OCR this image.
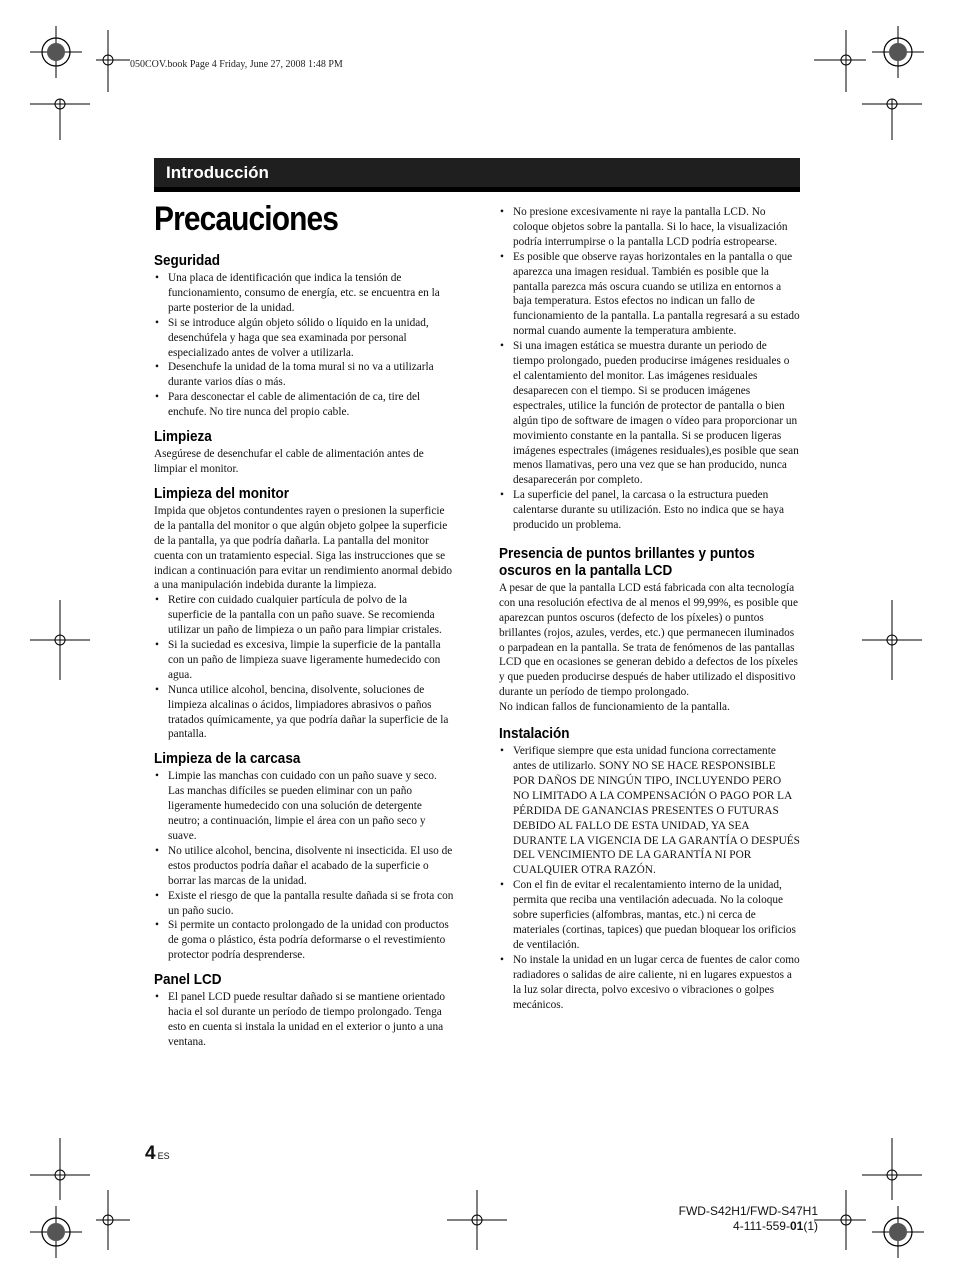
050COV.book Page 4 Friday, June 27, 2008 1:48 PM
Introducción
Precauciones
Seguridad
• Una placa de identificación que indica la tensión de funcionamiento, consumo de energía, etc. se encuentra en la parte posterior de la unidad.
• Si se introduce algún objeto sólido o líquido en la unidad, desenchúfela y haga que sea examinada por personal especializado antes de volver a utilizarla.
• Desenchufe la unidad de la toma mural si no va a utilizarla durante varios días o más.
• Para desconectar el cable de alimentación de ca, tire del enchufe. No tire nunca del propio cable.
Limpieza

Asegúrese de desenchufar el cable de alimentación antes de limpiar el monitor.

Limpieza del monitor

Impida que objetos contundentes rayen o presionen la superficie de la pantalla del monitor o que algún objeto golpee la superficie de la pantalla, ya que podría dañarla. La pantalla del monitor cuenta con un tratamiento especial. Siga las instrucciones que se indican a continuación para evitar un rendimiento anormal debido a una manipulación indebida durante la limpieza.

• Retire con cuidado cualquier partícula de polvo de la superficie de la pantalla con un paño suave. Se recomienda utilizar un paño de limpieza o un paño para limpiar cristales.
• Si la suciedad es excesiva, limpie la superficie de la pantalla con un paño de limpieza suave ligeramente humedecido con agua.
• Nunca utilice alcohol, bencina, disolvente, soluciones de limpieza alcalinas o ácidos, limpiadores abrasivos o paños tratados químicamente, ya que podría dañar la superficie de la pantalla.
Limpieza de la carcasa
• Limpie las manchas con cuidado con un paño suave y seco. Las manchas difíciles se pueden eliminar con un paño ligeramente humedecido con una solución de detergente neutro; a continuación, limpie el área con un paño seco y suave.
• No utilice alcohol, bencina, disolvente ni insecticida. El uso de estos productos podría dañar el acabado de la superficie o borrar las marcas de la unidad.
• Existe el riesgo de que la pantalla resulte dañada si se frota con un paño sucio.
• Si permite un contacto prolongado de la unidad con productos de goma o plástico, ésta podría deformarse o el revestimiento protector podría desprenderse.
Panel LCD
• El panel LCD puede resultar dañado si se mantiene orientado hacia el sol durante un período de tiempo prolongado. Tenga esto en cuenta si instala la unidad en el exterior o junto a una ventana.
• No presione excesivamente ni raye la pantalla LCD. No coloque objetos sobre la pantalla. Si lo hace, la visualización podría interrumpirse o la pantalla LCD podría estropearse.
• Es posible que observe rayas horizontales en la pantalla o que aparezca una imagen residual. También es posible que la pantalla parezca más oscura cuando se utiliza en entornos a baja temperatura. Estos efectos no indican un fallo de funcionamiento de la pantalla. La pantalla regresará a su estado normal cuando aumente la temperatura ambiente.
• Si una imagen estática se muestra durante un periodo de tiempo prolongado, pueden producirse imágenes residuales o el calentamiento del monitor. Las imágenes residuales desaparecen con el tiempo. Si se producen imágenes espectrales, utilice la función de protector de pantalla o bien algún tipo de software de imagen o vídeo para proporcionar un movimiento constante en la pantalla. Si se producen ligeras imágenes espectrales (imágenes residuales),es posible que sean menos llamativas, pero una vez que se han producido, nunca desaparecerán por completo.
• La superficie del panel, la carcasa o la estructura pueden calentarse durante su utilización. Esto no indica que se haya producido un problema.
Presencia de puntos brillantes y puntos oscuros en la pantalla LCD

A pesar de que la pantalla LCD está fabricada con alta tecnología con una resolución efectiva de al menos el 99,99%, es posible que aparezcan puntos oscuros (defecto de los píxeles) o puntos brillantes (rojos, azules, verdes, etc.) que permanecen iluminados o parpadean en la pantalla. Se trata de fenómenos de las pantallas LCD que en ocasiones se generan debido a defectos de los píxeles y que pueden producirse después de haber utilizado el dispositivo durante un período de tiempo prolongado.

No indican fallos de funcionamiento de la pantalla.

Instalación
• Verifique siempre que esta unidad funciona correctamente antes de utilizarlo. SONY NO SE HACE RESPONSIBLE POR DAÑOS DE NINGÚN TIPO, INCLUYENDO PERO NO LIMITADO A LA COMPENSACIÓN O PAGO POR LA PÉRDIDA DE GANANCIAS PRESENTES O FUTURAS DEBIDO AL FALLO DE ESTA UNIDAD, YA SEA DURANTE LA VIGENCIA DE LA GARANTÍA O DESPUÉS DEL VENCIMIENTO DE LA GARANTÍA NI POR CUALQUIER OTRA RAZÓN.
• Con el fin de evitar el recalentamiento interno de la unidad, permita que reciba una ventilación adecuada. No la coloque sobre superficies (alfombras, mantas, etc.) ni cerca de materiales (cortinas, tapices) que puedan bloquear los orificios de ventilación.
• No instale la unidad en un lugar cerca de fuentes de calor como radiadores o salidas de aire caliente, ni en lugares expuestos a la luz solar directa, polvo excesivo o vibraciones o golpes mecánicos.
4 ES
FWD-S42H1/FWD-S47H1
4-111-559-01(1)
